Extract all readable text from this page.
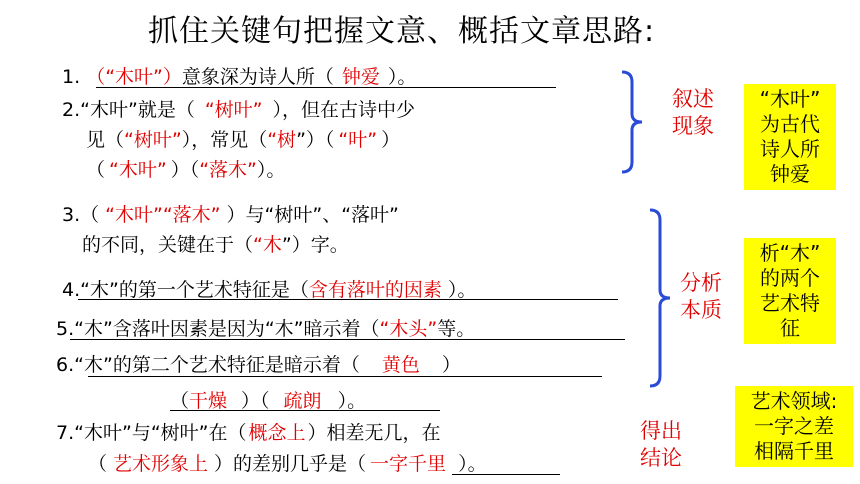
抓住关键句把握文意、概括文章思路:
1. （“木叶”）意象深为诗人所（ 钟爱 ）。
2.“木叶”就是（ “树叶” ），但在古诗中少
见（“树叶”），常见（“树”）（ “叶” ）
（ “木叶” ）（“落木”）。
3.（ “木叶”“落木” ）与“树叶”、“落叶”
的不同，关键在于（“木”）字。
4.“木”的第一个艺术特征是（含有落叶的因素 ）。
5.“木”含落叶因素是因为“木”暗示着（“木头”等。
6.“木”的第二个艺术特征是暗示着（ 黄色 ）
（干燥 ）（ 疏朗 ）。
7.“木叶”与“树叶”在（ 概念上 ）相差无几，在
（ 艺术形象上 ）的差别几乎是（ 一字千里 ）。
叙述
现象
分析
本质
得出
结论
“木叶”
为古代
诗人所
钟爱
析“木”
的两个
艺术特
征
艺术领域:
一字之差
相隔千里
